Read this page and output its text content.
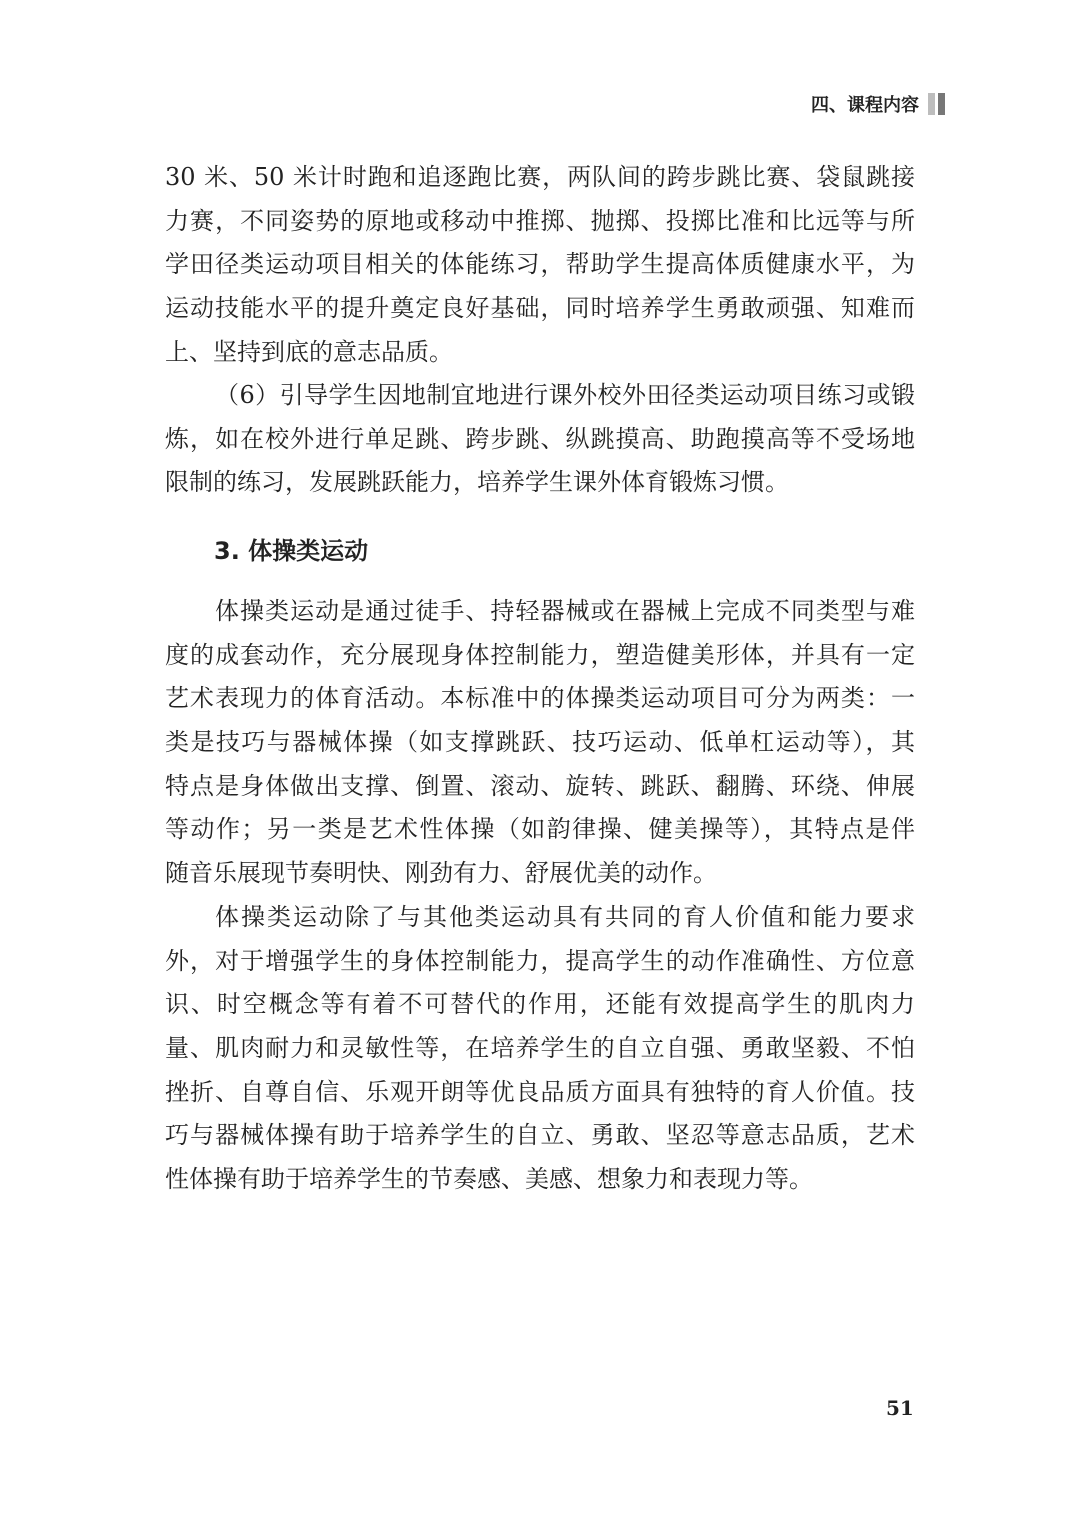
四、课程内容
30 米、50 米计时跑和追逐跑比赛，两队间的跨步跳比赛、袋鼠跳接
力赛，不同姿势的原地或移动中推掷、抛掷、投掷比准和比远等与所
学田径类运动项目相关的体能练习，帮助学生提高体质健康水平，为
运动技能水平的提升奠定良好基础，同时培养学生勇敢顽强、知难而
上、坚持到底的意志品质。
（6）引导学生因地制宜地进行课外校外田径类运动项目练习或锻
炼，如在校外进行单足跳、跨步跳、纵跳摸高、助跑摸高等不受场地
限制的练习，发展跳跃能力，培养学生课外体育锻炼习惯。
3. 体操类运动
体操类运动是通过徒手、持轻器械或在器械上完成不同类型与难
度的成套动作，充分展现身体控制能力，塑造健美形体，并具有一定
艺术表现力的体育活动。本标准中的体操类运动项目可分为两类：一
类是技巧与器械体操（如支撑跳跃、技巧运动、低单杠运动等），其
特点是身体做出支撑、倒置、滚动、旋转、跳跃、翻腾、环绕、伸展
等动作；另一类是艺术性体操（如韵律操、健美操等），其特点是伴
随音乐展现节奏明快、刚劲有力、舒展优美的动作。
体操类运动除了与其他类运动具有共同的育人价值和能力要求
外，对于增强学生的身体控制能力，提高学生的动作准确性、方位意
识、时空概念等有着不可替代的作用，还能有效提高学生的肌肉力
量、肌肉耐力和灵敏性等，在培养学生的自立自强、勇敢坚毅、不怕
挫折、自尊自信、乐观开朗等优良品质方面具有独特的育人价值。技
巧与器械体操有助于培养学生的自立、勇敢、坚忍等意志品质，艺术
性体操有助于培养学生的节奏感、美感、想象力和表现力等。
51
